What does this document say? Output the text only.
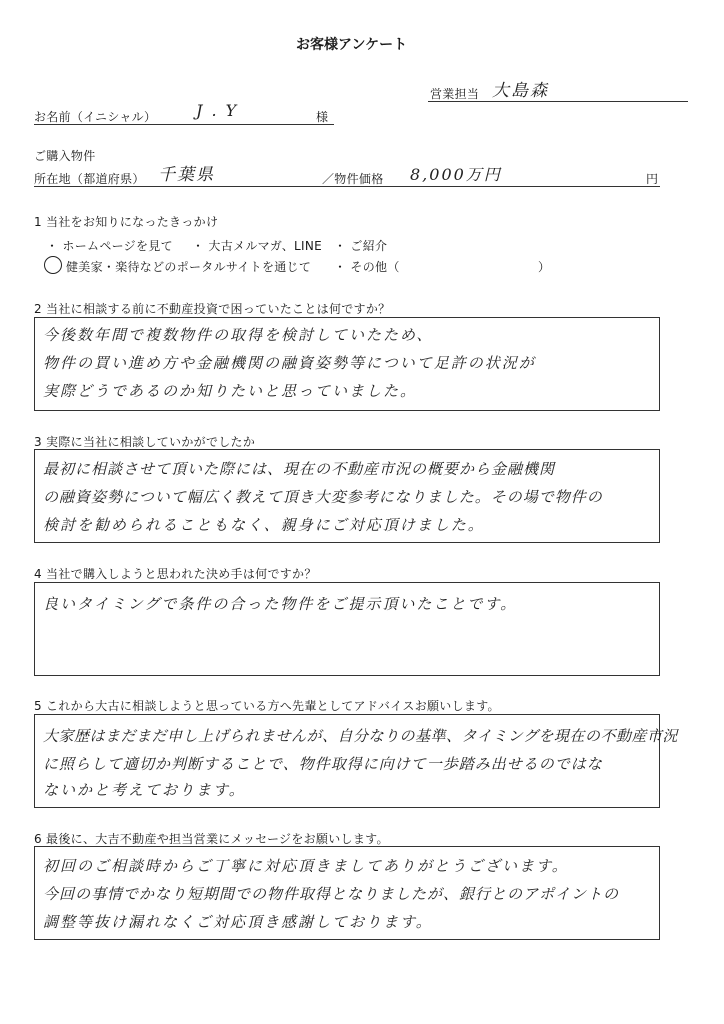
お客様アンケート
営業担当 大島森
お名前（イニシャル） J . Y	様
ご購入物件
所在地（都道府県） 千葉県	／物件価格 8,000万円	円
1 当社をお知りになったきっかけ
・ ホームページを見て ・ 大古メルマガ、LINE ・ ご紹介
健美家・楽待などのポータルサイトを通じて ・ その他（	）
2 当社に相談する前に不動産投資で困っていたことは何ですか？
今後数年間で複数物件の取得を検討していたため、
物件の買い進め方や金融機関の融資姿勢等について足許の状況が
実際どうであるのか知りたいと思っていました。
3 実際に当社に相談していかがでしたか
最初に相談させて頂いた際には、現在の不動産市況の概要から金融機関
の融資姿勢について幅広く教えて頂き大変参考になりました。その場で物件の
検討を勧められることもなく、親身にご対応頂けました。
4 当社で購入しようと思われた決め手は何ですか？
良いタイミングで条件の合った物件をご提示頂いたことです。
5 これから大古に相談しようと思っている方へ先輩としてアドバイスお願いします。
大家歴はまだまだ申し上げられませんが、自分なりの基準、タイミングを現在の不動産市況
に照らして適切か判断することで、物件取得に向けて一歩踏み出せるのではな
ないかと考えております。
6 最後に、大吉不動産や担当営業にメッセージをお願いします。
初回のご相談時からご丁寧に対応頂きましてありがとうございます。
今回の事情でかなり短期間での物件取得となりましたが、銀行とのアポイントの
調整等抜け漏れなくご対応頂き感謝しております。
